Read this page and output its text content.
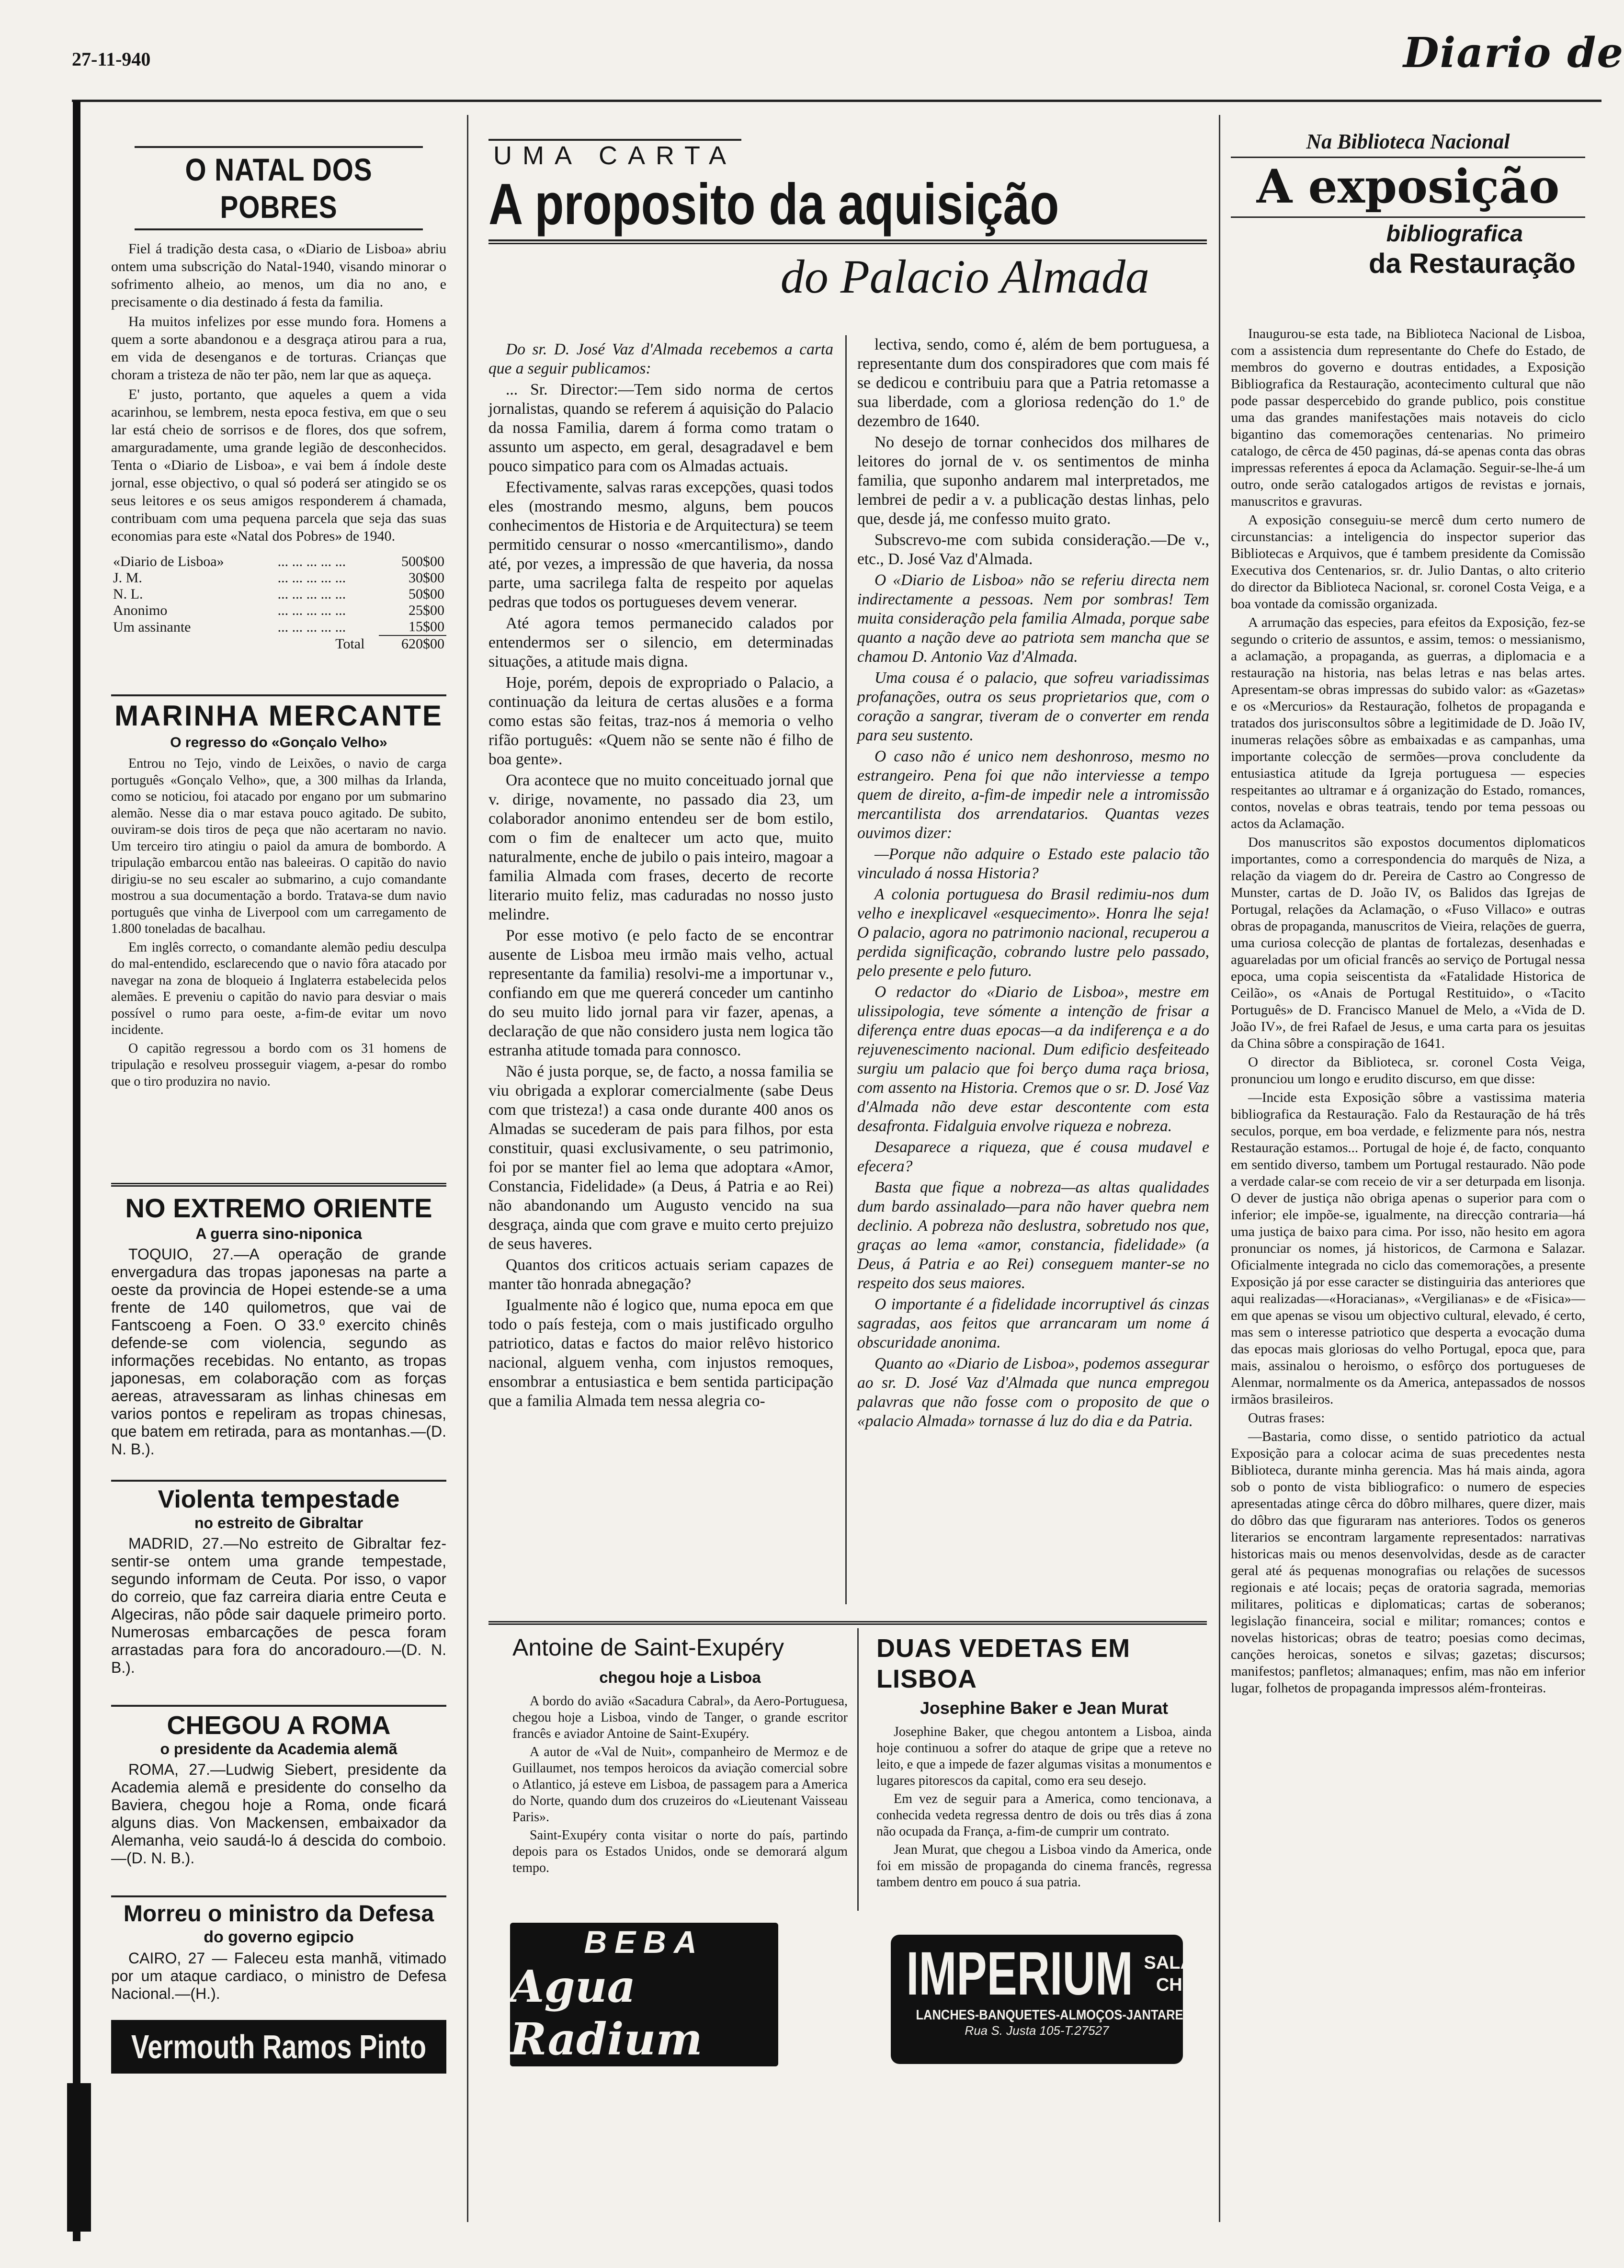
27-11-940	Diario de
O NATAL DOS POBRES

Fiel á tradição desta casa, o «Diario de Lisboa» abriu ontem uma subscrição do Natal-1940, visando minorar o sofrimento alheio, ao menos, um dia no ano, e precisamente o dia destinado á festa da familia.

Ha muitos infelizes por esse mundo fora. Homens a quem a sorte abandonou e a desgraça atirou para a rua, em vida de desenganos e de torturas. Crianças que choram a tristeza de não ter pão, nem lar que as aqueça.

E' justo, portanto, que aqueles a quem a vida acarinhou, se lembrem, nesta epoca festiva, em que o seu lar está cheio de sorrisos e de flores, dos que sofrem, amarguradamente, uma grande legião de desconhecidos. Tenta o «Diario de Lisboa», e vai bem á índole deste jornal, esse objectivo, o qual só poderá ser atingido se os seus leitores e os seus amigos responderem á chamada, contribuam com uma pequena parcela que seja das suas economias para este «Natal dos Pobres» de 1940.

«Diario de Lisboa»	... ... ... ... ...	500$00
J. M.	... ... ... ... ...	30$00
N. L.	... ... ... ... ...	50$00
Anonimo	... ... ... ... ...	25$00
Um assinante	... ... ... ... ...	15$00
	Total	620$00
MARINHA MERCANTE
O regresso do «Gonçalo Velho»

Entrou no Tejo, vindo de Leixões, o navio de carga português «Gonçalo Velho», que, a 300 milhas da Irlanda, como se noticiou, foi atacado por engano por um submarino alemão. Nesse dia o mar estava pouco agitado. De subito, ouviram-se dois tiros de peça que não acertaram no navio. Um terceiro tiro atingiu o paiol da amura de bombordo. A tripulação embarcou então nas baleeiras. O capitão do navio dirigiu-se no seu escaler ao submarino, a cujo comandante mostrou a sua documentação a bordo. Tratava-se dum navio português que vinha de Liverpool com um carregamento de 1.800 toneladas de bacalhau.

Em inglês correcto, o comandante alemão pediu desculpa do mal-entendido, esclarecendo que o navio fôra atacado por navegar na zona de bloqueio á Inglaterra estabelecida pelos alemães. E preveniu o capitão do navio para desviar o mais possível o rumo para oeste, a-fim-de evitar um novo incidente.

O capitão regressou a bordo com os 31 homens de tripulação e resolveu prosseguir viagem, a-pesar do rombo que o tiro produzira no navio.

NO EXTREMO ORIENTE
A guerra sino-niponica

TOQUIO, 27.—A operação de grande envergadura das tropas japonesas na parte a oeste da provincia de Hopei estende-se a uma frente de 140 quilometros, que vai de Fantscoeng a Foen. O 33.º exercito chinês defende-se com violencia, segundo as informações recebidas. No entanto, as tropas japonesas, em colaboração com as forças aereas, atravessaram as linhas chinesas em varios pontos e repeliram as tropas chinesas, que batem em retirada, para as montanhas.—(D. N. B.).

Violenta tempestade
no estreito de Gibraltar

MADRID, 27.—No estreito de Gibraltar fez-sentir-se ontem uma grande tempestade, segundo informam de Ceuta. Por isso, o vapor do correio, que faz carreira diaria entre Ceuta e Algeciras, não pôde sair daquele primeiro porto. Numerosas embarcações de pesca foram arrastadas para fora do ancoradouro.—(D. N. B.).

CHEGOU A ROMA
o presidente da Academia alemã

ROMA, 27.—Ludwig Siebert, presidente da Academia alemã e presidente do conselho da Baviera, chegou hoje a Roma, onde ficará alguns dias. Von Mackensen, embaixador da Alemanha, veio saudá-lo á descida do comboio.—(D. N. B.).

Morreu o ministro da Defesa
do governo egipcio

CAIRO, 27 — Faleceu esta manhã, vitimado por um ataque cardiaco, o ministro de Defesa Nacional.—(H.).

Vermouth Ramos Pinto
UMA CARTA
A proposito da aquisição
do Palacio Almada

Do sr. D. José Vaz d'Almada recebemos a carta que a seguir publicamos:

... Sr. Director:—Tem sido norma de certos jornalistas, quando se referem á aquisição do Palacio da nossa Familia, darem á forma como tratam o assunto um aspecto, em geral, desagradavel e bem pouco simpatico para com os Almadas actuais.

Efectivamente, salvas raras excepções, quasi todos eles (mostrando mesmo, alguns, bem poucos conhecimentos de Historia e de Arquitectura) se teem permitido censurar o nosso «mercantilismo», dando até, por vezes, a impressão de que haveria, da nossa parte, uma sacrilega falta de respeito por aquelas pedras que todos os portugueses devem venerar.

Até agora temos permanecido calados por entendermos ser o silencio, em determinadas situações, a atitude mais digna.

Hoje, porém, depois de expropriado o Palacio, a continuação da leitura de certas alusões e a forma como estas são feitas, traz-nos á memoria o velho rifão português: «Quem não se sente não é filho de boa gente».

Ora acontece que no muito conceituado jornal que v. dirige, novamente, no passado dia 23, um colaborador anonimo entendeu ser de bom estilo, com o fim de enaltecer um acto que, muito naturalmente, enche de jubilo o pais inteiro, magoar a familia Almada com frases, decerto de recorte literario muito feliz, mas caduradas no nosso justo melindre.

Por esse motivo (e pelo facto de se encontrar ausente de Lisboa meu irmão mais velho, actual representante da familia) resolvi-me a importunar v., confiando em que me quererá conceder um cantinho do seu muito lido jornal para vir fazer, apenas, a declaração de que não considero justa nem logica tão estranha atitude tomada para connosco.

Não é justa porque, se, de facto, a nossa familia se viu obrigada a explorar comercialmente (sabe Deus com que tristeza!) a casa onde durante 400 anos os Almadas se sucederam de pais para filhos, por esta constituir, quasi exclusivamente, o seu patrimonio, foi por se manter fiel ao lema que adoptara «Amor, Constancia, Fidelidade» (a Deus, á Patria e ao Rei) não abandonando um Augusto vencido na sua desgraça, ainda que com grave e muito certo prejuizo de seus haveres.

Quantos dos criticos actuais seriam capazes de manter tão honrada abnegação?

Igualmente não é logico que, numa epoca em que todo o país festeja, com o mais justificado orgulho patriotico, datas e factos do maior relêvo historico nacional, alguem venha, com injustos remoques, ensombrar a entusiastica e bem sentida participação que a familia Almada tem nessa alegria co-

lectiva, sendo, como é, além de bem portuguesa, a representante dum dos conspiradores que com mais fé se dedicou e contribuiu para que a Patria retomasse a sua liberdade, com a gloriosa redenção do 1.º de dezembro de 1640.

No desejo de tornar conhecidos dos milhares de leitores do jornal de v. os sentimentos de minha familia, que suponho andarem mal interpretados, me lembrei de pedir a v. a publicação destas linhas, pelo que, desde já, me confesso muito grato.

Subscrevo-me com subida consideração.—De v., etc., D. José Vaz d'Almada.

O «Diario de Lisboa» não se referiu directa nem indirectamente a pessoas. Nem por sombras! Tem muita consideração pela familia Almada, porque sabe quanto a nação deve ao patriota sem mancha que se chamou D. Antonio Vaz d'Almada.

Uma cousa é o palacio, que sofreu variadissimas profanações, outra os seus proprietarios que, com o coração a sangrar, tiveram de o converter em renda para seu sustento.

O caso não é unico nem deshonroso, mesmo no estrangeiro. Pena foi que não interviesse a tempo quem de direito, a-fim-de impedir nele a intromissão mercantilista dos arrendatarios. Quantas vezes ouvimos dizer:

—Porque não adquire o Estado este palacio tão vinculado á nossa Historia?

A colonia portuguesa do Brasil redimiu-nos dum velho e inexplicavel «esquecimento». Honra lhe seja! O palacio, agora no patrimonio nacional, recuperou a perdida significação, cobrando lustre pelo passado, pelo presente e pelo futuro.

O redactor do «Diario de Lisboa», mestre em ulissipologia, teve sómente a intenção de frisar a diferença entre duas epocas—a da indiferença e a do rejuvenescimento nacional. Dum edificio desfeiteado surgiu um palacio que foi berço duma raça briosa, com assento na Historia. Cremos que o sr. D. José Vaz d'Almada não deve estar descontente com esta desafronta. Fidalguia envolve riqueza e nobreza.

Desaparece a riqueza, que é cousa mudavel e efecera?

Basta que fique a nobreza—as altas qualidades dum bardo assinalado—para não haver quebra nem declinio. A pobreza não deslustra, sobretudo nos que, graças ao lema «amor, constancia, fidelidade» (a Deus, á Patria e ao Rei) conseguem manter-se no respeito dos seus maiores.

O importante é a fidelidade incorruptivel ás cinzas sagradas, aos feitos que arrancaram um nome á obscuridade anonima.

Quanto ao «Diario de Lisboa», podemos assegurar ao sr. D. José Vaz d'Almada que nunca empregou palavras que não fosse com o proposito de que o «palacio Almada» tornasse á luz do dia e da Patria.

Antoine de Saint-Exupéry
chegou hoje a Lisboa

A bordo do avião «Sacadura Cabral», da Aero-Portuguesa, chegou hoje a Lisboa, vindo de Tanger, o grande escritor francês e aviador Antoine de Saint-Exupéry.

A autor de «Val de Nuit», companheiro de Mermoz e de Guillaumet, nos tempos heroicos da aviação comercial sobre o Atlantico, já esteve em Lisboa, de passagem para a America do Norte, quando dum dos cruzeiros do «Lieutenant Vaisseau Paris».

Saint-Exupéry conta visitar o norte do país, partindo depois para os Estados Unidos, onde se demorará algum tempo.

DUAS VEDETAS EM LISBOA
Josephine Baker e Jean Murat

Josephine Baker, que chegou antontem a Lisboa, ainda hoje continuou a sofrer do ataque de gripe que a reteve no leito, e que a impede de fazer algumas visitas a monumentos e lugares pitorescos da capital, como era seu desejo.

Em vez de seguir para a America, como tencionava, a conhecida vedeta regressa dentro de dois ou três dias á zona não ocupada da França, a-fim-de cumprir um contrato.

Jean Murat, que chegou a Lisboa vindo da America, onde foi em missão de propaganda do cinema francês, regressa tambem dentro em pouco á sua patria.

BEBA
Agua Radium
IMPERIUM SALÃO
CHÁ
LANCHES-BANQUETES-ALMOÇOS-JANTARES
Rua S. Justa 105-T.27527
Na Biblioteca Nacional
A exposição
bibliografica
da Restauração

Inaugurou-se esta tade, na Biblioteca Nacional de Lisboa, com a assistencia dum representante do Chefe do Estado, de membros do governo e doutras entidades, a Exposição Bibliografica da Restauração, acontecimento cultural que não pode passar despercebido do grande publico, pois constitue uma das grandes manifestações mais notaveis do ciclo bigantino das comemorações centenarias. No primeiro catalogo, de cêrca de 450 paginas, dá-se apenas conta das obras impressas referentes á epoca da Aclamação. Seguir-se-lhe-á um outro, onde serão catalogados artigos de revistas e jornais, manuscritos e gravuras.

A exposição conseguiu-se mercê dum certo numero de circunstancias: a inteligencia do inspector superior das Bibliotecas e Arquivos, que é tambem presidente da Comissão Executiva dos Centenarios, sr. dr. Julio Dantas, o alto criterio do director da Biblioteca Nacional, sr. coronel Costa Veiga, e a boa vontade da comissão organizada.

A arrumação das especies, para efeitos da Exposição, fez-se segundo o criterio de assuntos, e assim, temos: o messianismo, a aclamação, a propaganda, as guerras, a diplomacia e a restauração na historia, nas belas letras e nas belas artes. Apresentam-se obras impressas do subido valor: as «Gazetas» e os «Mercurios» da Restauração, folhetos de propaganda e tratados dos jurisconsultos sôbre a legitimidade de D. João IV, inumeras relações sôbre as embaixadas e as campanhas, uma importante colecção de sermões—prova concludente da entusiastica atitude da Igreja portuguesa — especies respeitantes ao ultramar e á organização do Estado, romances, contos, novelas e obras teatrais, tendo por tema pessoas ou actos da Aclamação.

Dos manuscritos são expostos documentos diplomaticos importantes, como a correspondencia do marquês de Niza, a relação da viagem do dr. Pereira de Castro ao Congresso de Munster, cartas de D. João IV, os Balidos das Igrejas de Portugal, relações da Aclamação, o «Fuso Villaco» e outras obras de propaganda, manuscritos de Vieira, relações de guerra, uma curiosa colecção de plantas de fortalezas, desenhadas e aguareladas por um oficial francês ao serviço de Portugal nessa epoca, uma copia seiscentista da «Fatalidade Historica de Ceilão», os «Anais de Portugal Restituido», o «Tacito Português» de D. Francisco Manuel de Melo, a «Vida de D. João IV», de frei Rafael de Jesus, e uma carta para os jesuitas da China sôbre a conspiração de 1641.

O director da Biblioteca, sr. coronel Costa Veiga, pronunciou um longo e erudito discurso, em que disse:

—Incide esta Exposição sôbre a vastissima materia bibliografica da Restauração. Falo da Restauração de há três seculos, porque, em boa verdade, e felizmente para nós, nestra Restauração estamos... Portugal de hoje é, de facto, conquanto em sentido diverso, tambem um Portugal restaurado. Não pode a verdade calar-se com receio de vir a ser deturpada em lisonja. O dever de justiça não obriga apenas o superior para com o inferior; ele impõe-se, igualmente, na direcção contraria—há uma justiça de baixo para cima. Por isso, não hesito em agora pronunciar os nomes, já historicos, de Carmona e Salazar. Oficialmente integrada no ciclo das comemorações, a presente Exposição já por esse caracter se distinguiria das anteriores que aqui realizadas—«Horacianas», «Vergilianas» e de «Fisica»—em que apenas se visou um objectivo cultural, elevado, é certo, mas sem o interesse patriotico que desperta a evocação duma das epocas mais gloriosas do velho Portugal, epoca que, para mais, assinalou o heroismo, o esfôrço dos portugueses de Alenmar, normalmente os da America, antepassados de nossos irmãos brasileiros.

Outras frases:

—Bastaria, como disse, o sentido patriotico da actual Exposição para a colocar acima de suas precedentes nesta Biblioteca, durante minha gerencia. Mas há mais ainda, agora sob o ponto de vista bibliografico: o numero de especies apresentadas atinge cêrca do dôbro milhares, quere dizer, mais do dôbro das que figuraram nas anteriores. Todos os generos literarios se encontram largamente representados: narrativas historicas mais ou menos desenvolvidas, desde as de caracter geral até ás pequenas monografias ou relações de sucessos regionais e até locais; peças de oratoria sagrada, memorias militares, politicas e diplomaticas; cartas de soberanos; legislação financeira, social e militar; romances; contos e novelas historicas; obras de teatro; poesias como decimas, canções heroicas, sonetos e silvas; gazetas; discursos; manifestos; panfletos; almanaques; enfim, mas não em inferior lugar, folhetos de propaganda impressos além-fronteiras.
